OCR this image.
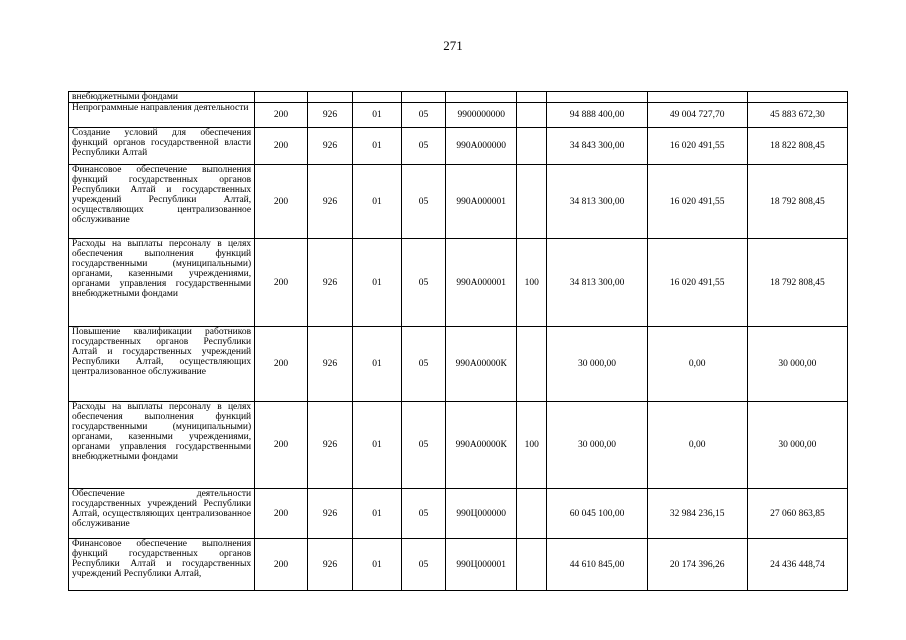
271
внебюджетными фондами									
Непрограммные направления деятельности	200	926	01	05	9900000000		94 888 400,00	49 004 727,70	45 883 672,30
Создание условий для обеспечения функций органов государственной власти Республики Алтай	200	926	01	05	990А000000		34 843 300,00	16 020 491,55	18 822 808,45
Финансовое обеспечение выполнения функций государственных органов Республики Алтай и государственных учреждений Республики Алтай, осуществляющих централизованное обслуживание	200	926	01	05	990А000001		34 813 300,00	16 020 491,55	18 792 808,45
Расходы на выплаты персоналу в целях обеспечения выполнения функций государственными (муниципальными) органами, казенными учреждениями, органами управления государственными внебюджетными фондами	200	926	01	05	990А000001	100	34 813 300,00	16 020 491,55	18 792 808,45
Повышение квалификации работников государственных органов Республики Алтай и государственных учреждений Республики Алтай, осуществляющих централизованное обслуживание	200	926	01	05	990А00000К		30 000,00	0,00	30 000,00
Расходы на выплаты персоналу в целях обеспечения выполнения функций государственными (муниципальными) органами, казенными учреждениями, органами управления государственными внебюджетными фондами	200	926	01	05	990А00000К	100	30 000,00	0,00	30 000,00
Обеспечение деятельности государственных учреждений Республики Алтай, осуществляющих централизованное обслуживание	200	926	01	05	990Ц000000		60 045 100,00	32 984 236,15	27 060 863,85
Финансовое обеспечение выполнения функций государственных органов Республики Алтай и государственных учреждений Республики Алтай,	200	926	01	05	990Ц000001		44 610 845,00	20 174 396,26	24 436 448,74
